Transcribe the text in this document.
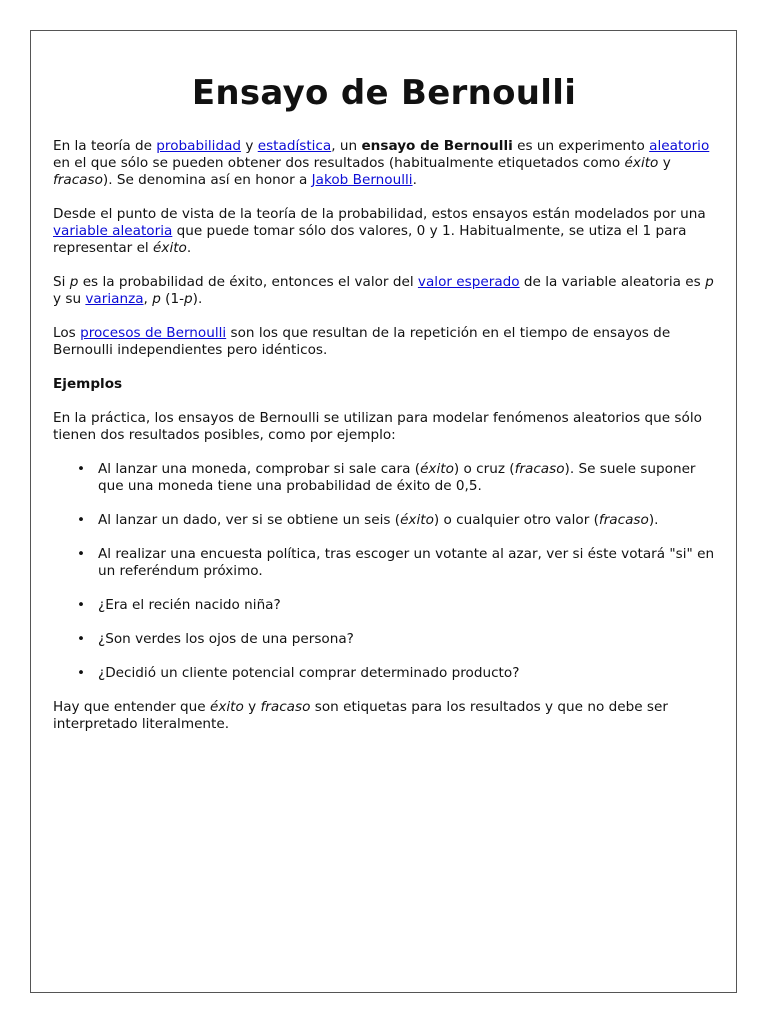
Ensayo de Bernoulli

En la teoría de probabilidad y estadística, un ensayo de Bernoulli es un experimento aleatorio en el que sólo se pueden obtener dos resultados (habitualmente etiquetados como éxito y fracaso). Se denomina así en honor a Jakob Bernoulli.

Desde el punto de vista de la teoría de la probabilidad, estos ensayos están modelados por una variable aleatoria que puede tomar sólo dos valores, 0 y 1. Habitualmente, se utiza el 1 para representar el éxito.

Si p es la probabilidad de éxito, entonces el valor del valor esperado de la variable aleatoria es p y su varianza, p (1-p).

Los procesos de Bernoulli son los que resultan de la repetición en el tiempo de ensayos de Bernoulli independientes pero idénticos.

Ejemplos

En la práctica, los ensayos de Bernoulli se utilizan para modelar fenómenos aleatorios que sólo tienen dos resultados posibles, como por ejemplo:

• Al lanzar una moneda, comprobar si sale cara (éxito) o cruz (fracaso). Se suele suponer que una moneda tiene una probabilidad de éxito de 0,5.
• Al lanzar un dado, ver si se obtiene un seis (éxito) o cualquier otro valor (fracaso).
• Al realizar una encuesta política, tras escoger un votante al azar, ver si éste votará "si" en un referéndum próximo.
• ¿Era el recién nacido niña?
• ¿Son verdes los ojos de una persona?
• ¿Decidió un cliente potencial comprar determinado producto?

Hay que entender que éxito y fracaso son etiquetas para los resultados y que no debe ser interpretado literalmente.
